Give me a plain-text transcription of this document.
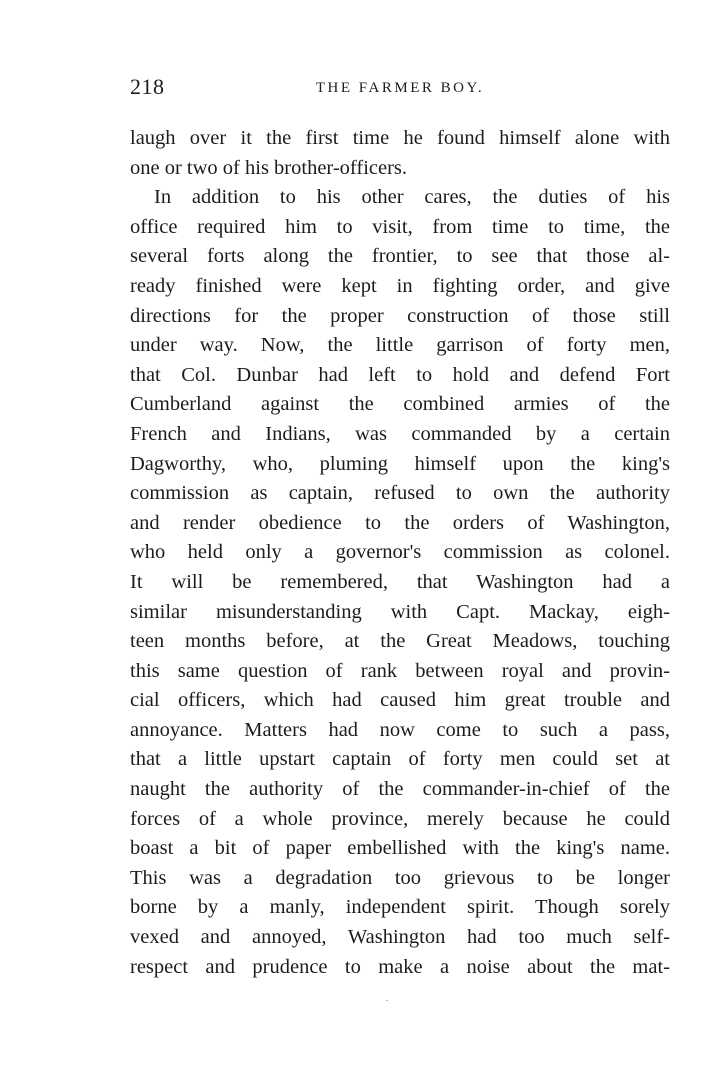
218	THE FARMER BOY.
laugh over it the first time he found himself alone with
one or two of his brother-officers.
In addition to his other cares, the duties of his
office required him to visit, from time to time, the
several forts along the frontier, to see that those al-
ready finished were kept in fighting order, and give
directions for the proper construction of those still
under way. Now, the little garrison of forty men,
that Col. Dunbar had left to hold and defend Fort
Cumberland against the combined armies of the
French and Indians, was commanded by a certain
Dagworthy, who, pluming himself upon the king's
commission as captain, refused to own the authority
and render obedience to the orders of Washington,
who held only a governor's commission as colonel.
It will be remembered, that Washington had a
similar misunderstanding with Capt. Mackay, eigh-
teen months before, at the Great Meadows, touching
this same question of rank between royal and provin-
cial officers, which had caused him great trouble and
annoyance. Matters had now come to such a pass,
that a little upstart captain of forty men could set at
naught the authority of the commander-in-chief of the
forces of a whole province, merely because he could
boast a bit of paper embellished with the king's name.
This was a degradation too grievous to be longer
borne by a manly, independent spirit. Though sorely
vexed and annoyed, Washington had too much self-
respect and prudence to make a noise about the mat-
